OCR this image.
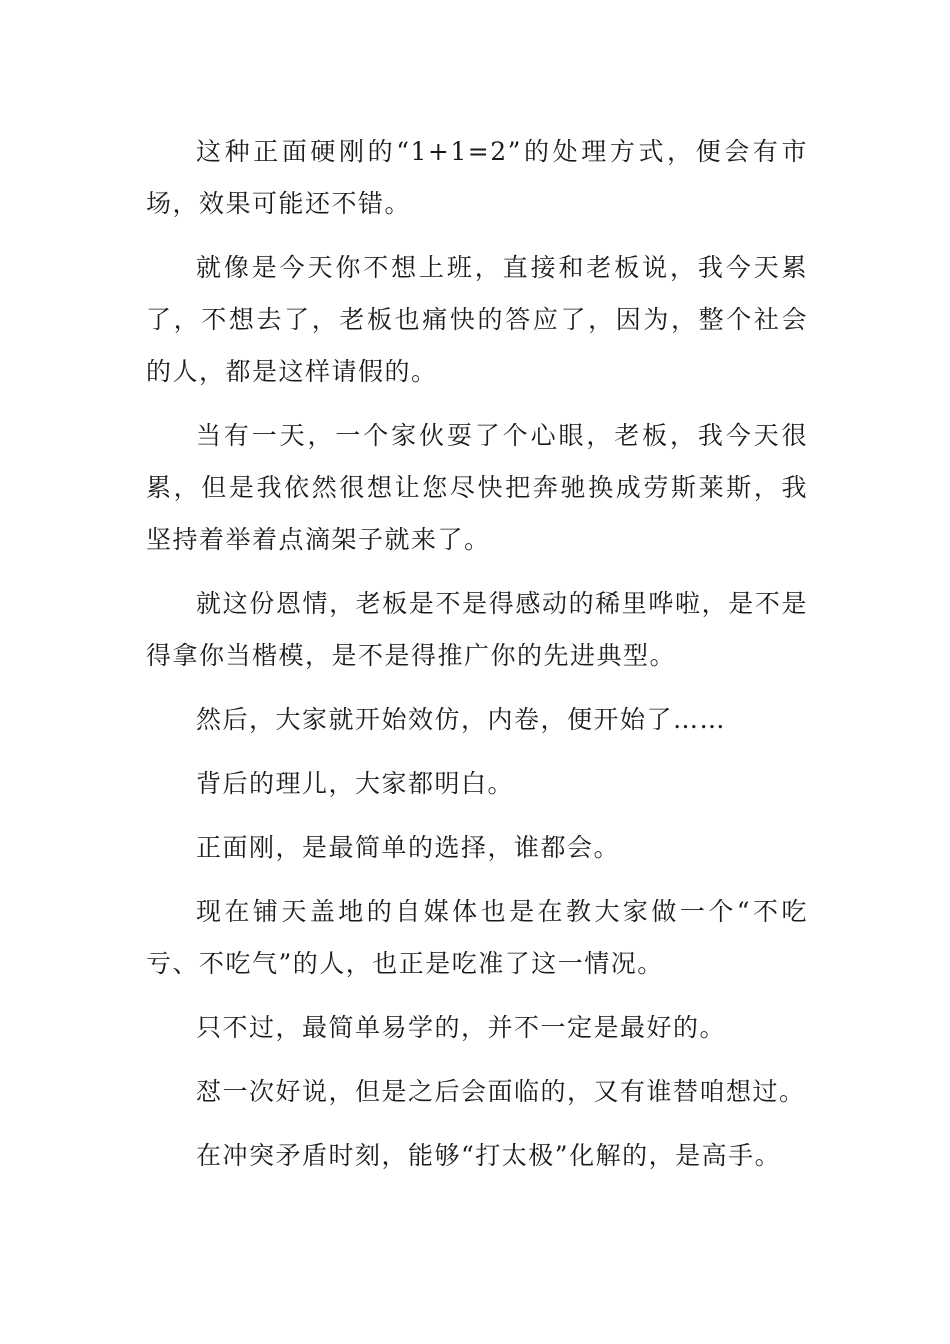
这种正面硬刚的“1+1=2”的处理方式，便会有市场，效果可能还不错。

就像是今天你不想上班，直接和老板说，我今天累了，不想去了，老板也痛快的答应了，因为，整个社会的人，都是这样请假的。

当有一天，一个家伙耍了个心眼，老板，我今天很累，但是我依然很想让您尽快把奔驰换成劳斯莱斯，我坚持着举着点滴架子就来了。

就这份恩情，老板是不是得感动的稀里哗啦，是不是得拿你当楷模，是不是得推广你的先进典型。

然后，大家就开始效仿，内卷，便开始了……

背后的理儿，大家都明白。

正面刚，是最简单的选择，谁都会。

现在铺天盖地的自媒体也是在教大家做一个“不吃亏、不吃气”的人，也正是吃准了这一情况。

只不过，最简单易学的，并不一定是最好的。

怼一次好说，但是之后会面临的，又有谁替咱想过。

在冲突矛盾时刻，能够“打太极”化解的，是高手。
